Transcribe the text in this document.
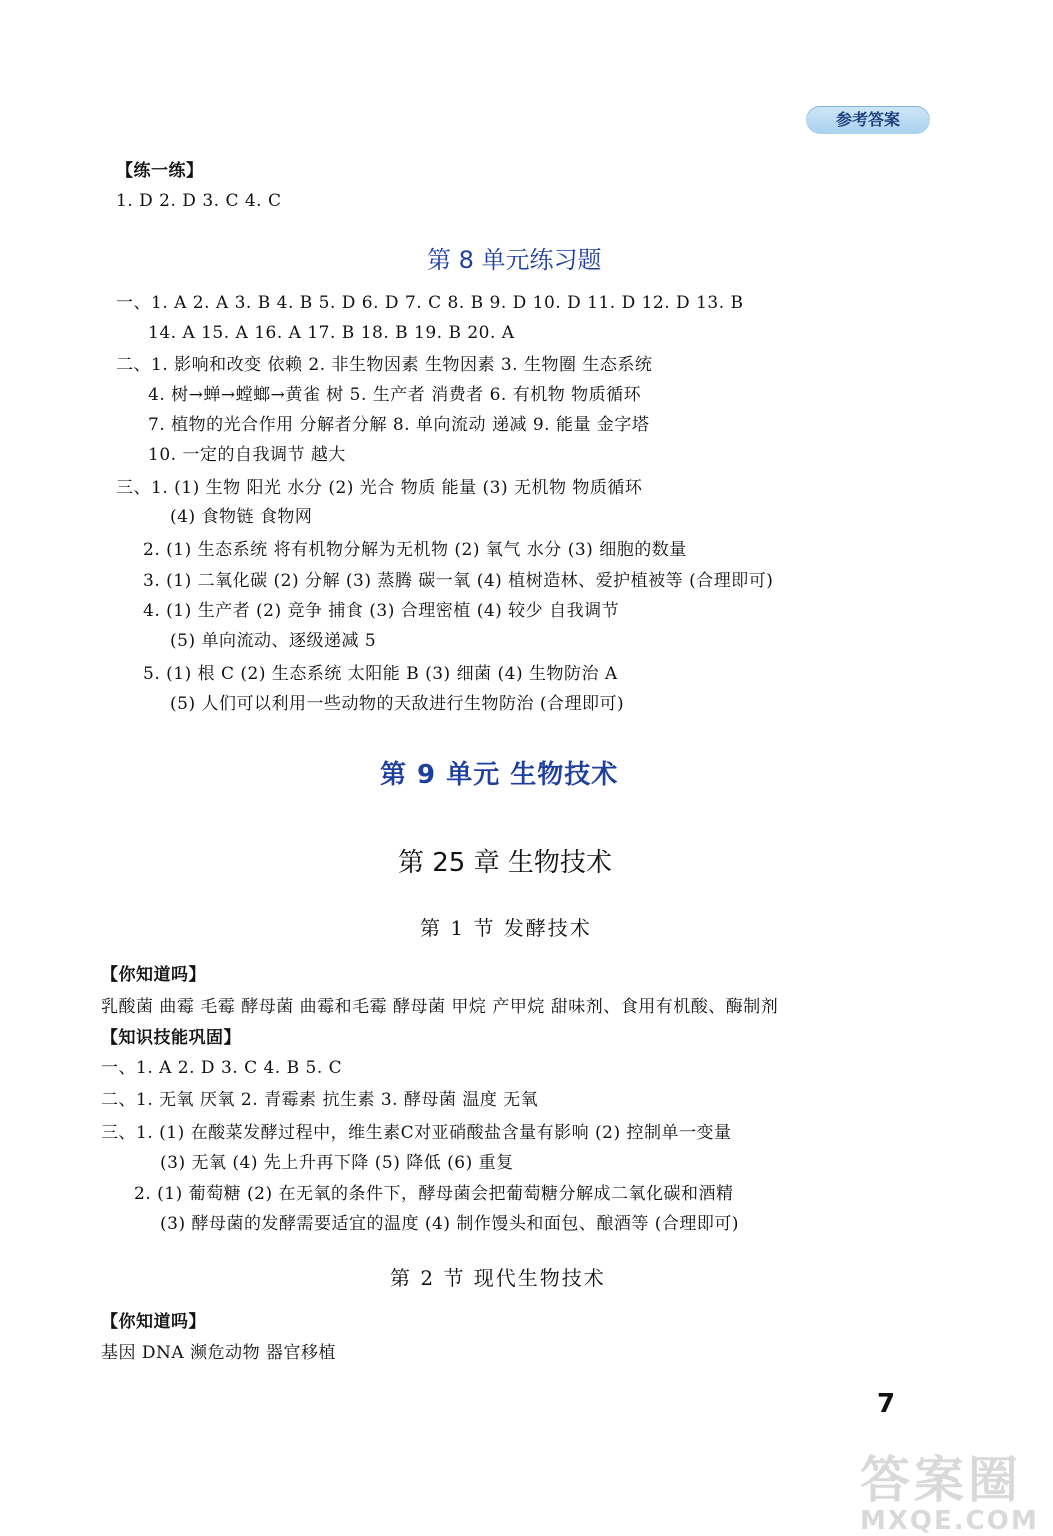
参考答案
【练一练】
1. D 2. D 3. C 4. C
第 8 单元练习题
一、1. A 2. A 3. B 4. B 5. D 6. D 7. C 8. B 9. D 10. D 11. D 12. D 13. B
14. A 15. A 16. A 17. B 18. B 19. B 20. A
二、1. 影响和改变 依赖 2. 非生物因素 生物因素 3. 生物圈 生态系统
4. 树→蝉→螳螂→黄雀 树 5. 生产者 消费者 6. 有机物 物质循环
7. 植物的光合作用 分解者分解 8. 单向流动 递减 9. 能量 金字塔
10. 一定的自我调节 越大
三、1. (1) 生物 阳光 水分 (2) 光合 物质 能量 (3) 无机物 物质循环
(4) 食物链 食物网
2. (1) 生态系统 将有机物分解为无机物 (2) 氧气 水分 (3) 细胞的数量
3. (1) 二氧化碳 (2) 分解 (3) 蒸腾 碳一氧 (4) 植树造林、爱护植被等 (合理即可)
4. (1) 生产者 (2) 竞争 捕食 (3) 合理密植 (4) 较少 自我调节
(5) 单向流动、逐级递减 5
5. (1) 根 C (2) 生态系统 太阳能 B (3) 细菌 (4) 生物防治 A
(5) 人们可以利用一些动物的天敌进行生物防治 (合理即可)
第 9 单元 生物技术
第 25 章 生物技术
第 1 节 发酵技术
【你知道吗】
乳酸菌 曲霉 毛霉 酵母菌 曲霉和毛霉 酵母菌 甲烷 产甲烷 甜味剂、食用有机酸、酶制剂
【知识技能巩固】
一、1. A 2. D 3. C 4. B 5. C
二、1. 无氧 厌氧 2. 青霉素 抗生素 3. 酵母菌 温度 无氧
三、1. (1) 在酸菜发酵过程中，维生素C对亚硝酸盐含量有影响 (2) 控制单一变量
(3) 无氧 (4) 先上升再下降 (5) 降低 (6) 重复
2. (1) 葡萄糖 (2) 在无氧的条件下，酵母菌会把葡萄糖分解成二氧化碳和酒精
(3) 酵母菌的发酵需要适宜的温度 (4) 制作馒头和面包、酿酒等 (合理即可)
第 2 节 现代生物技术
【你知道吗】
基因 DNA 濒危动物 器官移植
7
答案圈
MXQE.COM
